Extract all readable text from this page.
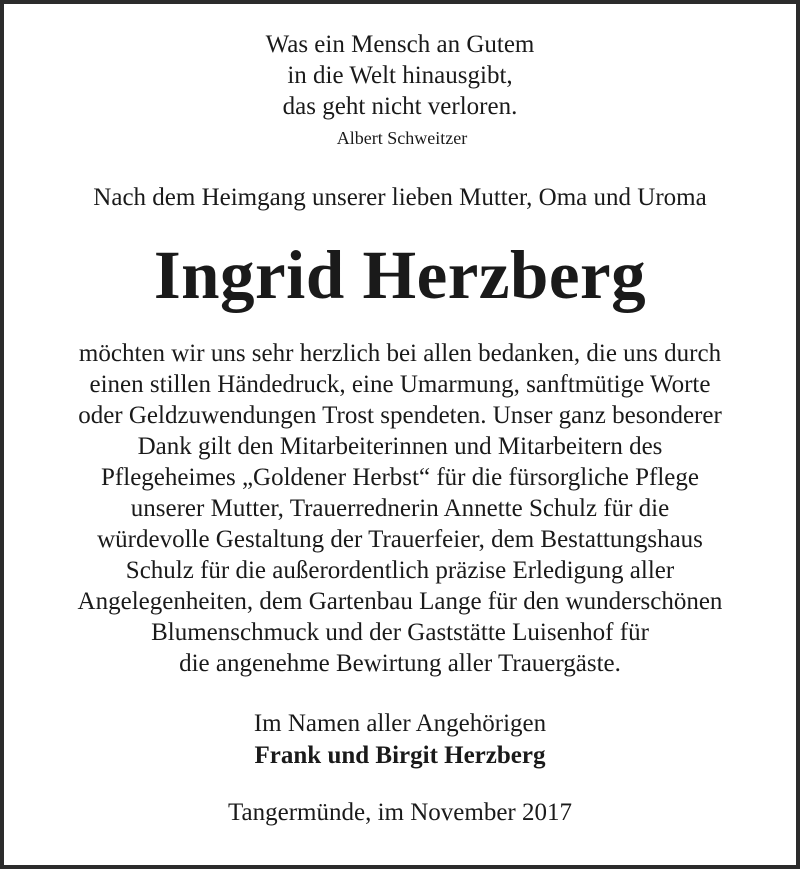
Was ein Mensch an Gutem
in die Welt hinausgibt,
das geht nicht verloren.
Albert Schweitzer
Nach dem Heimgang unserer lieben Mutter, Oma und Uroma
Ingrid Herzberg
möchten wir uns sehr herzlich bei allen bedanken, die uns durch
einen stillen Händedruck, eine Umarmung, sanftmütige Worte
oder Geldzuwendungen Trost spendeten. Unser ganz besonderer
Dank gilt den Mitarbeiterinnen und Mitarbeitern des
Pflegeheimes „Goldener Herbst“ für die fürsorgliche Pflege
unserer Mutter, Trauerrednerin Annette Schulz für die
würdevolle Gestaltung der Trauerfeier, dem Bestattungshaus
Schulz für die außerordentlich präzise Erledigung aller
Angelegenheiten, dem Gartenbau Lange für den wunderschönen
Blumenschmuck und der Gaststätte Luisenhof für
die angenehme Bewirtung aller Trauergäste.
Im Namen aller Angehörigen
Frank und Birgit Herzberg
Tangermünde, im November 2017
